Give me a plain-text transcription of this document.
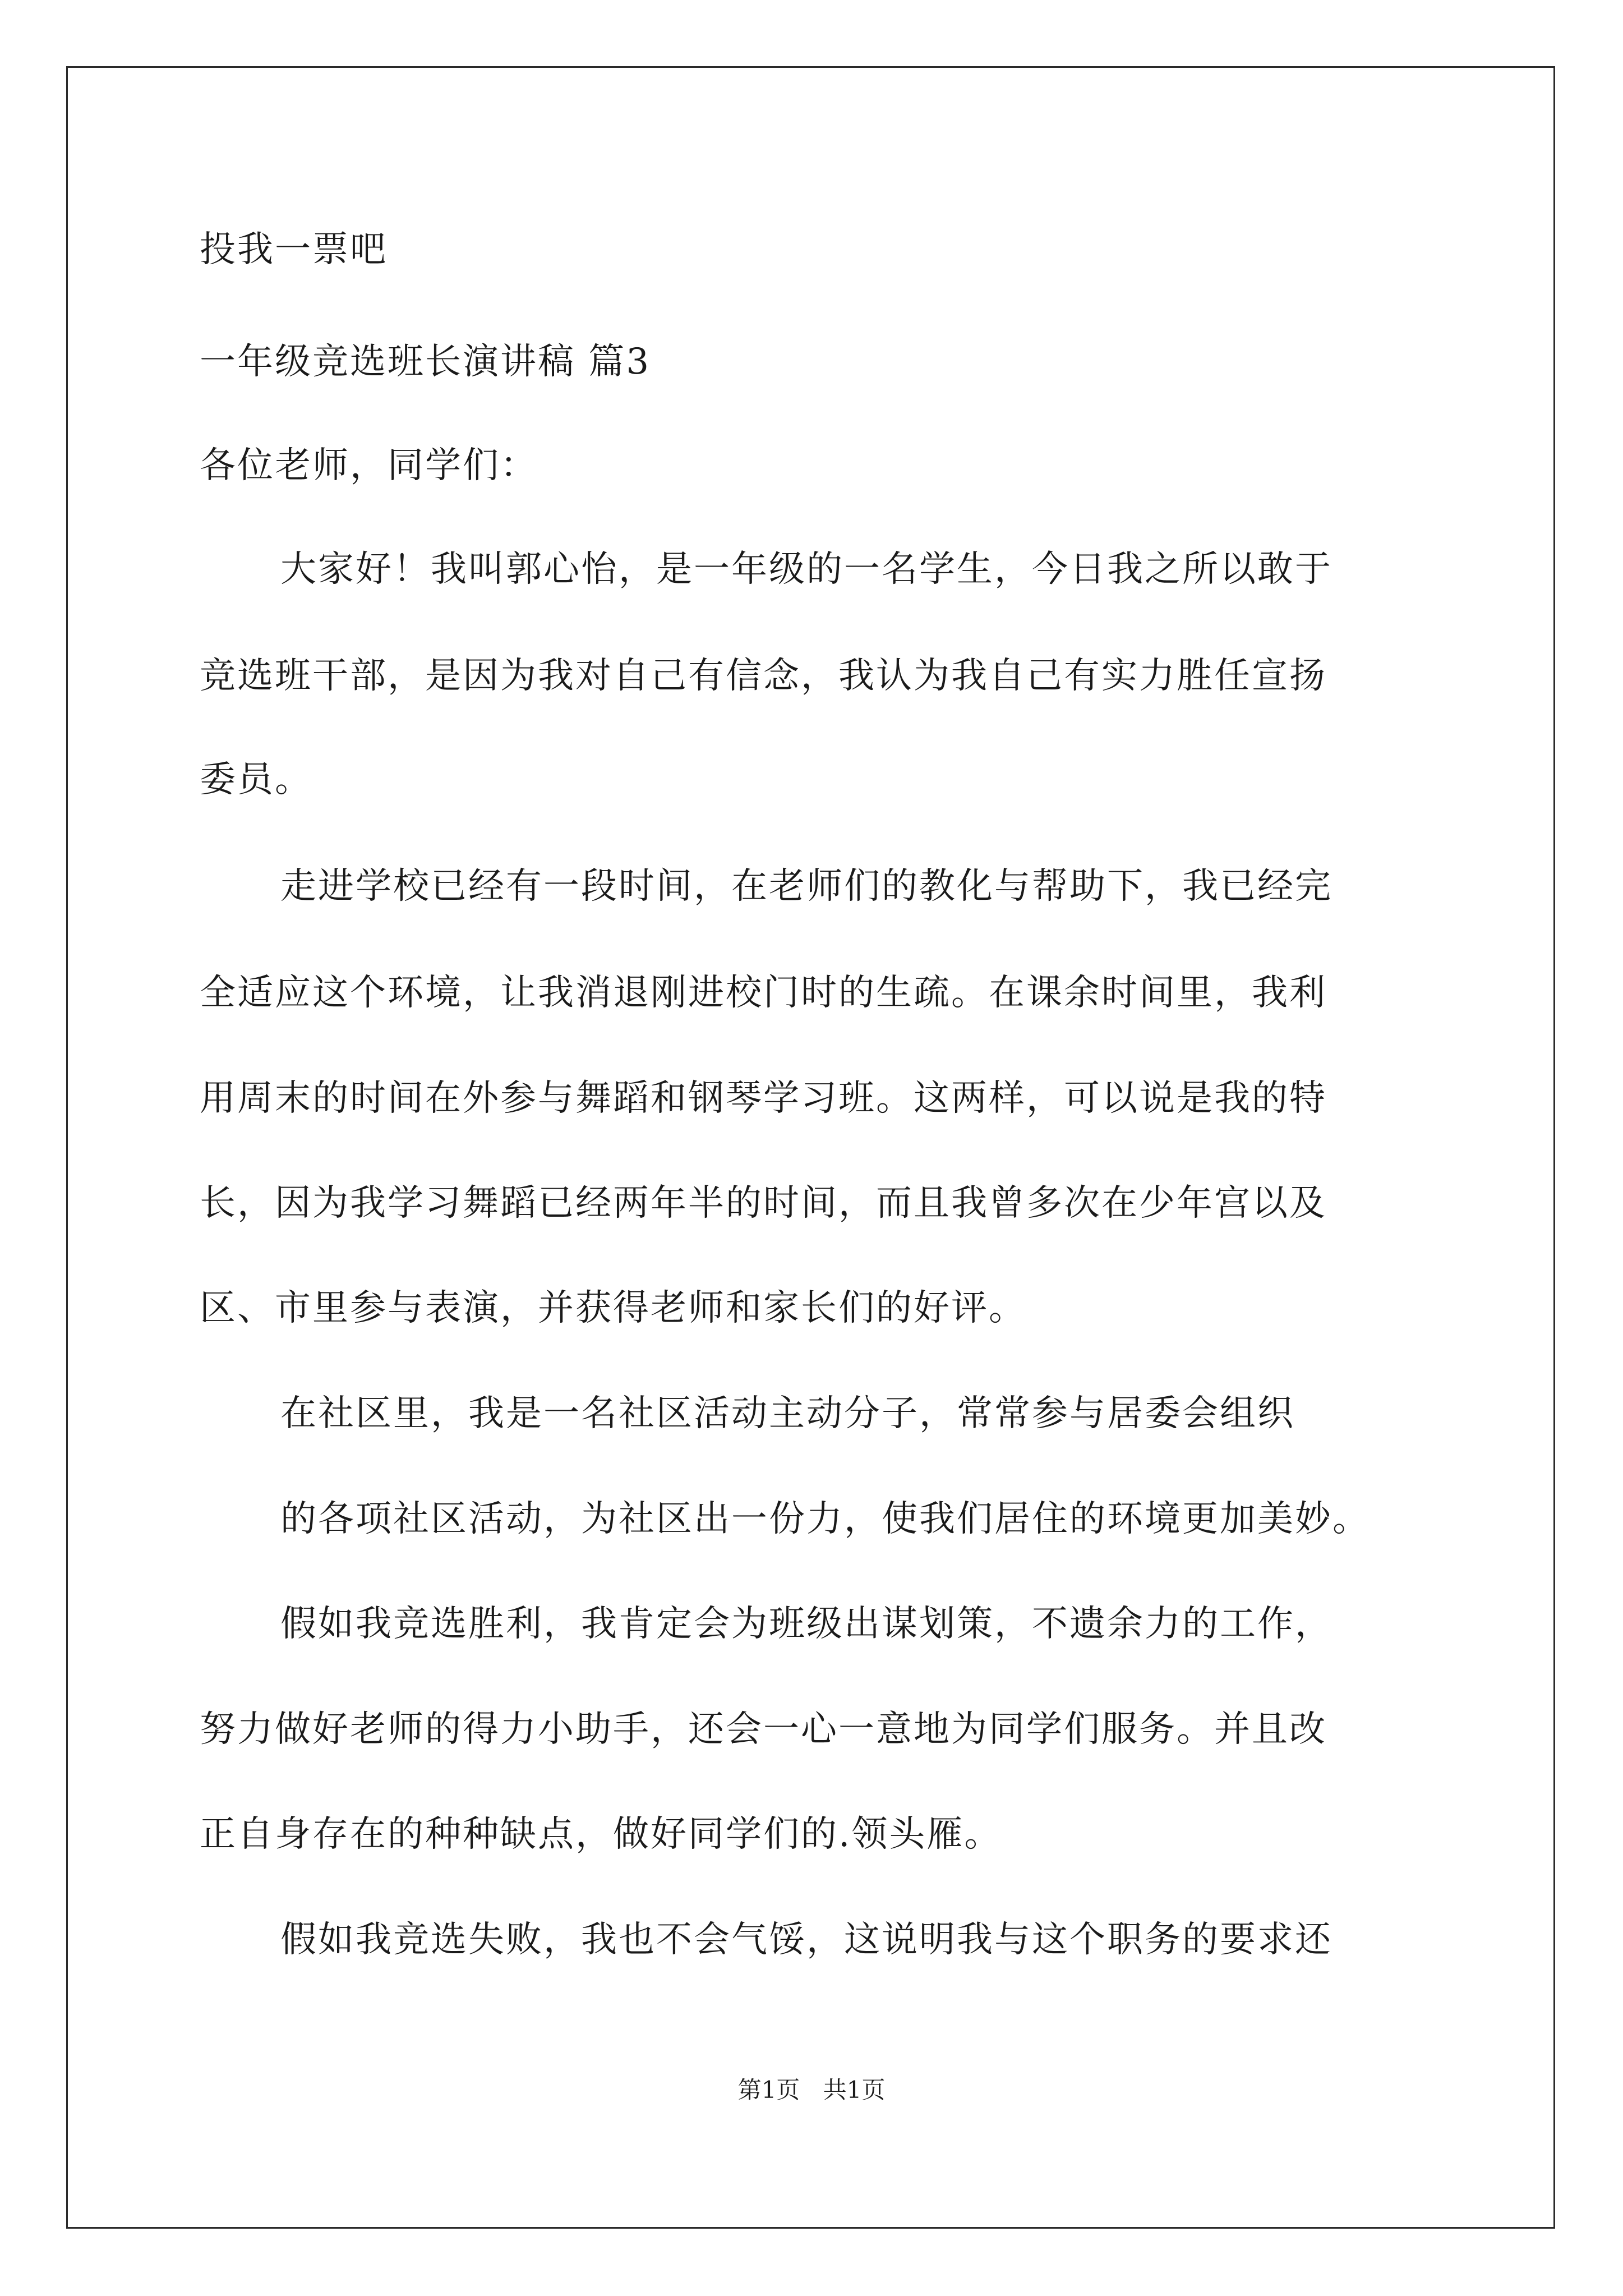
投我一票吧
一年级竞选班长演讲稿 篇3
各位老师，同学们：
大家好！我叫郭心怡，是一年级的一名学生，今日我之所以敢于
竞选班干部，是因为我对自己有信念，我认为我自己有实力胜任宣扬
委员。
走进学校已经有一段时间，在老师们的教化与帮助下，我已经完
全适应这个环境，让我消退刚进校门时的生疏。在课余时间里，我利
用周末的时间在外参与舞蹈和钢琴学习班。这两样，可以说是我的特
长，因为我学习舞蹈已经两年半的时间，而且我曾多次在少年宫以及
区、市里参与表演，并获得老师和家长们的好评。
在社区里，我是一名社区活动主动分子，常常参与居委会组织
的各项社区活动，为社区出一份力，使我们居住的环境更加美妙。
假如我竞选胜利，我肯定会为班级出谋划策，不遗余力的工作，
努力做好老师的得力小助手，还会一心一意地为同学们服务。并且改
正自身存在的种种缺点，做好同学们的.领头雁。
假如我竞选失败，我也不会气馁，这说明我与这个职务的要求还
第1页 共1页
